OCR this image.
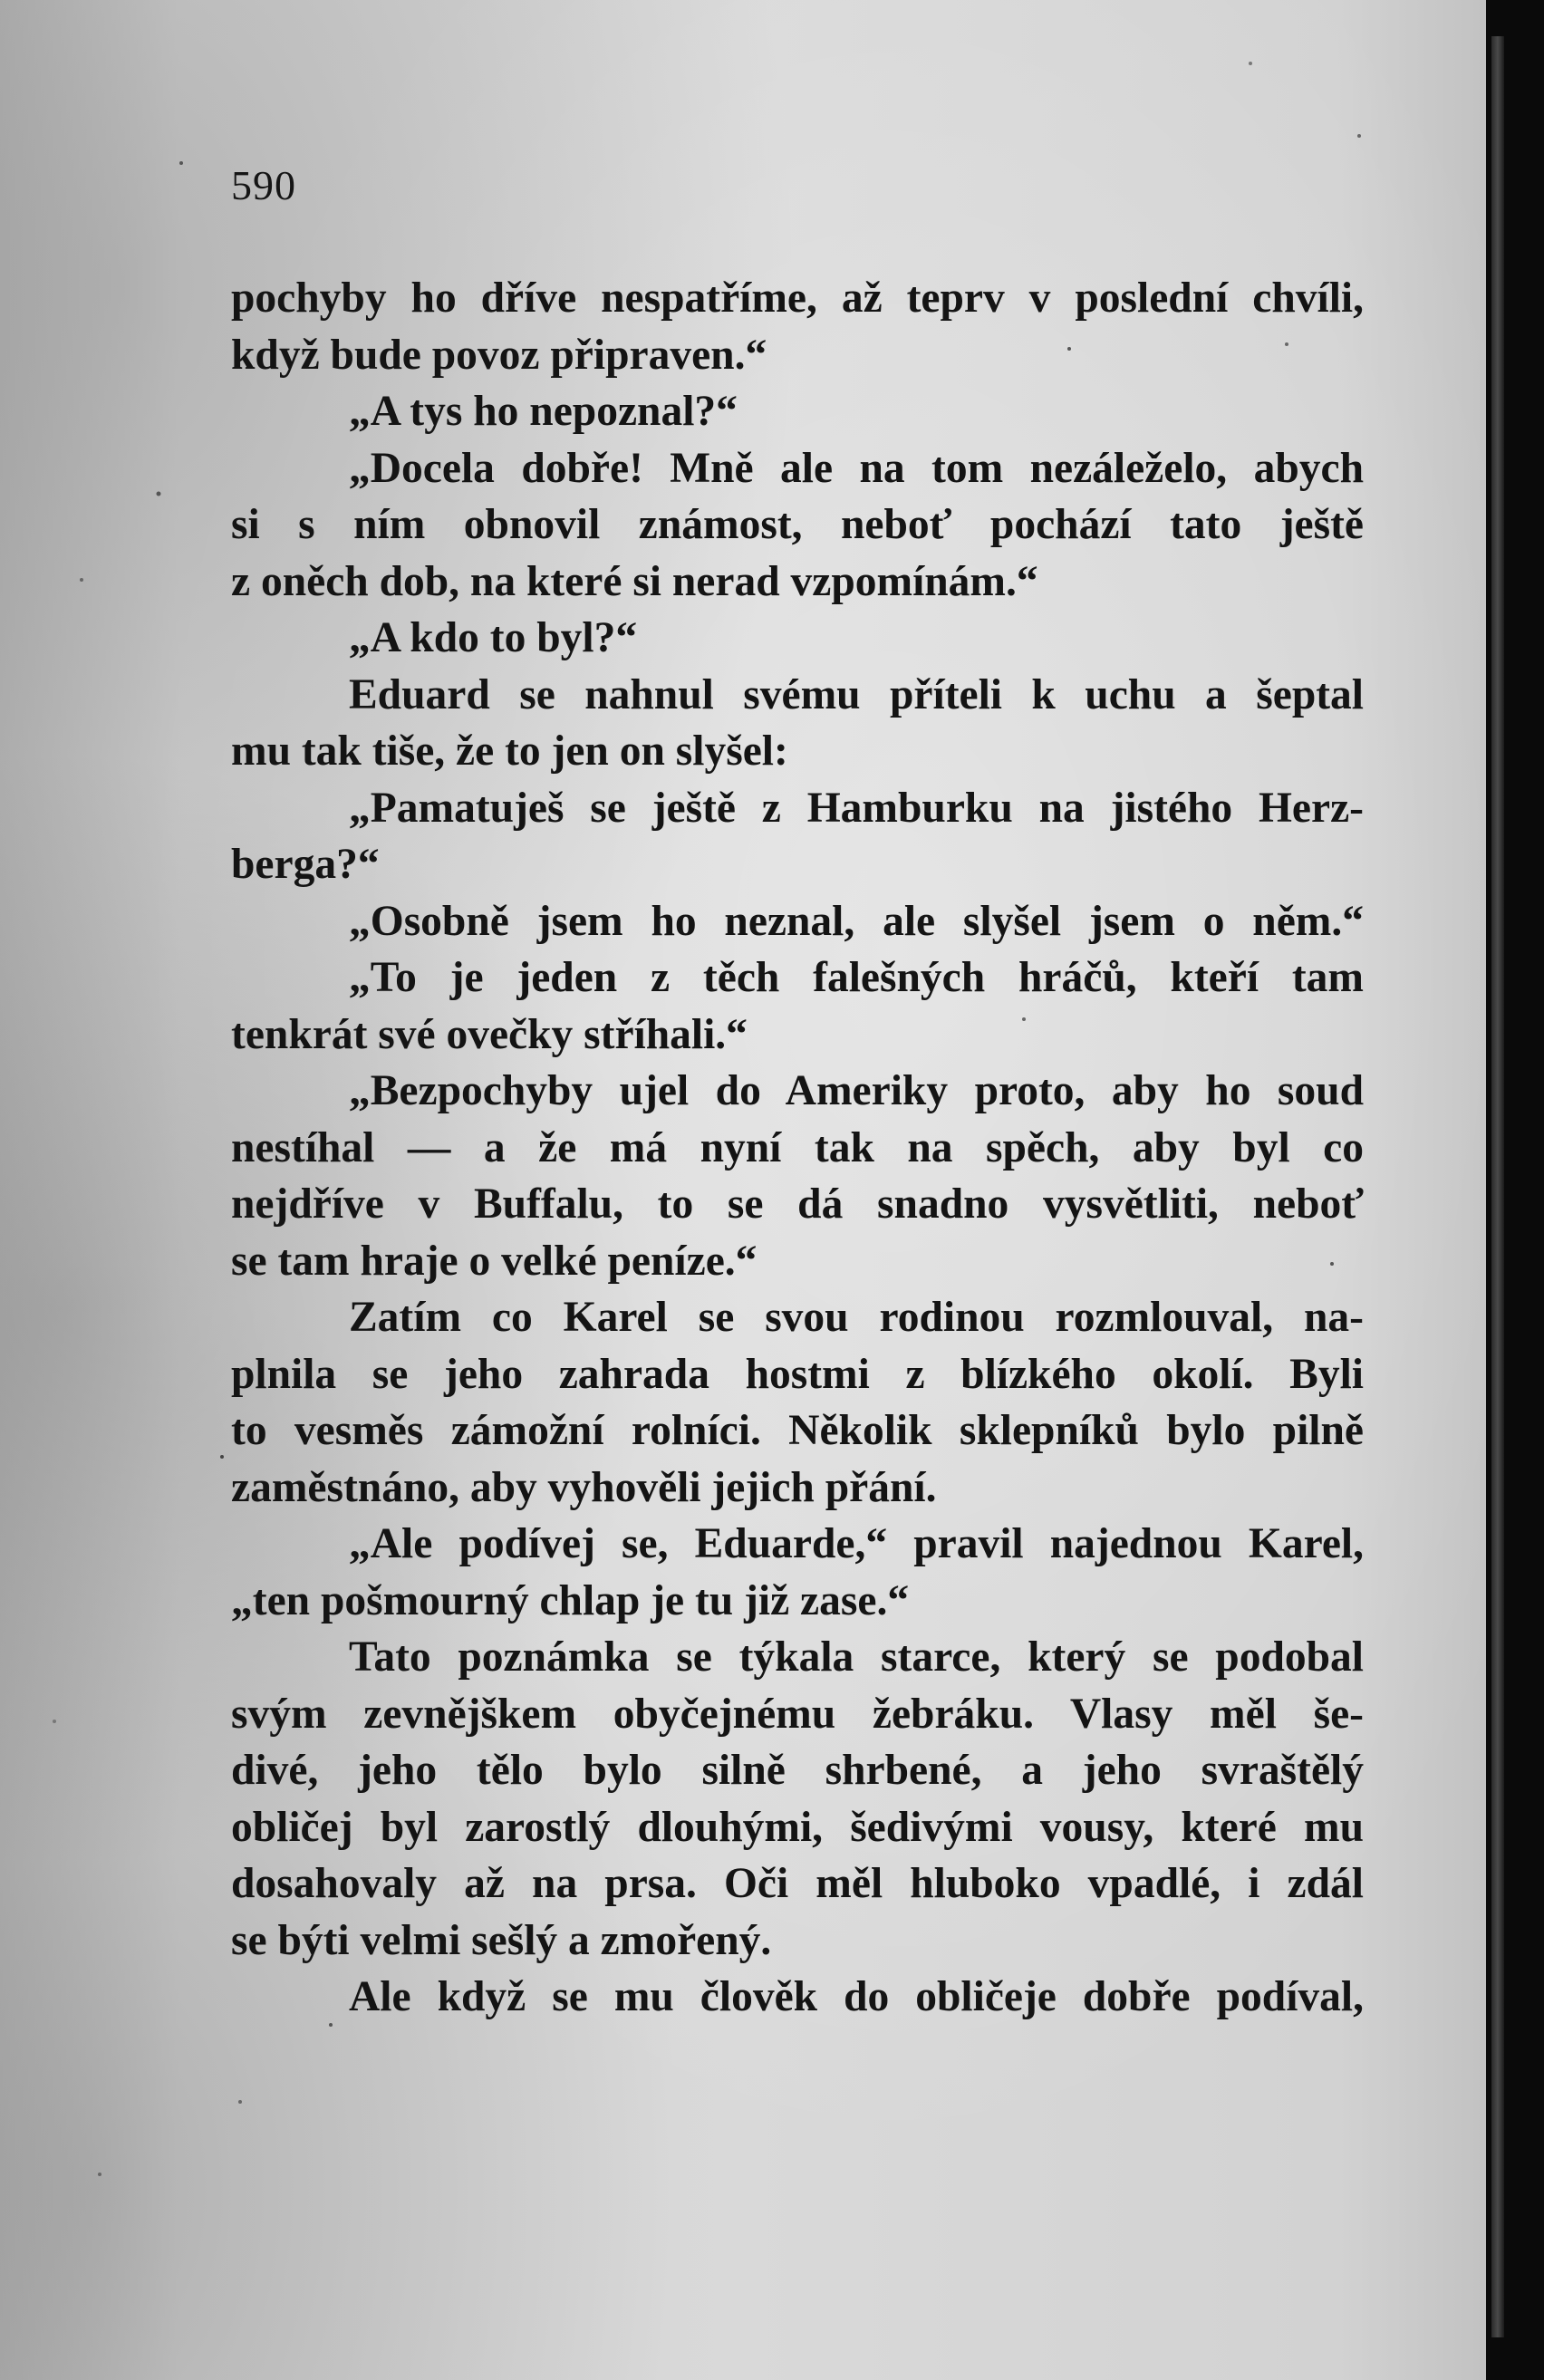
590
pochyby ho dříve nespatříme, až teprv v poslední chvíli,
když bude povoz připraven.“
„A tys ho nepoznal?“
„Docela dobře! Mně ale na tom nezáleželo, abych
si s ním obnovil známost, neboť pochází tato ještě
z oněch dob, na které si nerad vzpomínám.“
„A kdo to byl?“
Eduard se nahnul svému příteli k uchu a šeptal
mu tak tiše, že to jen on slyšel:
„Pamatuješ se ještě z Hamburku na jistého Herz-
berga?“
„Osobně jsem ho neznal, ale slyšel jsem o něm.“
„To je jeden z těch falešných hráčů, kteří tam
tenkrát své ovečky stříhali.“
„Bezpochyby ujel do Ameriky proto, aby ho soud
nestíhal — a že má nyní tak na spěch, aby byl co
nejdříve v Buffalu, to se dá snadno vysvětliti, neboť
se tam hraje o velké peníze.“
Zatím co Karel se svou rodinou rozmlouval, na-
plnila se jeho zahrada hostmi z blízkého okolí. Byli
to vesměs zámožní rolníci. Několik sklepníků bylo pilně
zaměstnáno, aby vyhověli jejich přání.
„Ale podívej se, Eduarde,“ pravil najednou Karel,
„ten pošmourný chlap je tu již zase.“
Tato poznámka se týkala starce, který se podobal
svým zevnějškem obyčejnému žebráku. Vlasy měl še-
divé, jeho tělo bylo silně shrbené, a jeho svraštělý
obličej byl zarostlý dlouhými, šedivými vousy, které mu
dosahovaly až na prsa. Oči měl hluboko vpadlé, i zdál
se býti velmi sešlý a zmořený.
Ale když se mu člověk do obličeje dobře podíval,
